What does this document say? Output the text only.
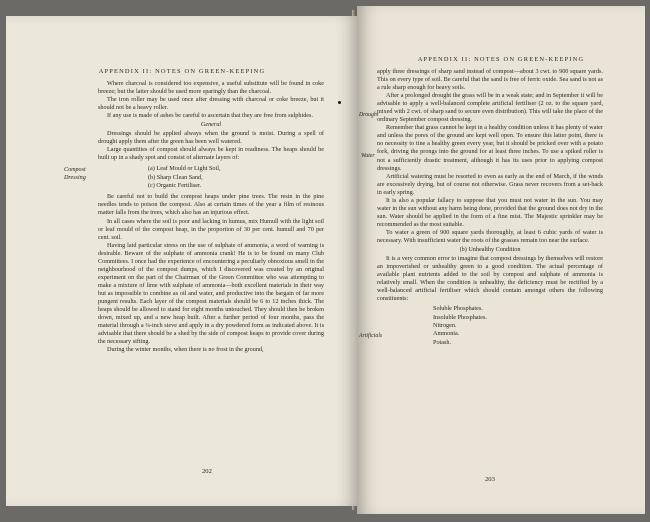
APPENDIX II: NOTES ON GREEN-KEEPING
Compost
Dressing

Where charcoal is considered too expensive, a useful substitute will be found in coke breeze; but the latter should be used more sparingly than the charcoal.

The iron roller may be used once after dressing with charcoal or coke breeze, but it should not be a heavy roller.

If any use is made of ashes be careful to ascertain that they are free from sulphides.

General

Dressings should be applied always when the ground is moist. During a spell of drought apply them after the green has been well watered.

Large quantities of compost should always be kept in readiness. The heaps should be built up in a shady spot and consist of alternate layers of:

(a) Leaf Mould or Light Soil,
(b) Sharp Clean Sand,
(c) Organic Fertiliser.

Be careful not to build the compost heaps under pine trees. The resin in the pine needles tends to poison the compost. Also at certain times of the year a film of resinous matter falls from the trees, which also has an injurious effect.

In all cases where the soil is poor and lacking in humus, mix Humull with the light soil or leaf mould of the compost heap, in the proportion of 30 per cent. humull and 70 per cent. soil.

Having laid particular stress on the use of sulphate of ammonia, a word of warning is desirable. Beware of the sulphate of ammonia crank! He is to be found on many Club Committees. I once had the experience of encountering a peculiarly obnoxious smell in the neighbourhood of the compost dumps, which I discovered was created by an original experiment on the part of the Chairman of the Green Committee who was attempting to make a mixture of lime with sulphate of ammonia—both excellent materials in their way but as impossible to combine as oil and water, and productive into the bargain of far more pungent results. Each layer of the compost materials should be 6 to 12 inches thick. The heaps should be allowed to stand for eight months untouched. They should then be broken down, mixed up, and a new heap built. After a further period of four months, pass the material through a ¼-inch sieve and apply in a dry powdered form as indicated above. It is advisable that there should be a shed by the side of compost heaps to provide cover during the necessary sifting.

During the winter months, when there is no frost in the ground,

202
APPENDIX II: NOTES ON GREEN-KEEPING
Drought
Water
Artificials

apply three dressings of sharp sand instead of compost—about 3 cwt. to 900 square yards. This on every type of soil. Be careful that the sand is free of ferric oxide. Sea sand is not as a rule sharp enough for heavy soils.

After a prolonged drought the grass will be in a weak state; and in September it will be advisable to apply a well-balanced complete artificial fertiliser (2 oz. to the square yard, mixed with 2 cwt. of sharp sand to secure even distribution). This will take the place of the ordinary September compost dressing.

Remember that grass cannot be kept in a healthy condition unless it has plenty of water and unless the pores of the ground are kept well open. To ensure this latter point, there is no necessity to tine a healthy green every year, but it should be pricked over with a potato fork, driving the prongs into the ground for at least three inches. To use a spiked roller is not a sufficiently drastic treatment, although it has its uses prior to applying compost dressings.

Artificial watering must be resorted to even as early as the end of March, if the winds are excessively drying, but of course not otherwise. Grass never recovers from a set-back in early spring.

It is also a popular fallacy to suppose that you must not water in the sun. You may water in the sun without any harm being done, provided that the ground does not dry in the sun. Water should be applied in the form of a fine mist. The Majestic sprinkler may be recommended as the most suitable.

To water a green of 900 square yards thoroughly, at least 6 cubic yards of water is necessary. With insufficient water the roots of the grasses remain too near the surface.

(b) Unhealthy Condition

It is a very common error to imagine that compost dressings by themselves will restore an impoverished or unhealthy green to a good condition. The actual percentage of available plant nutrients added to the soil by compost and sulphate of ammonia is relatively small. When the condition is unhealthy, the deficiency must be rectified by a well-balanced artificial fertiliser which should contain amongst others the following constituents:

Soluble Phosphates.
Insoluble Phosphates.
Nitrogen.
Ammonia.
Potash.
203
